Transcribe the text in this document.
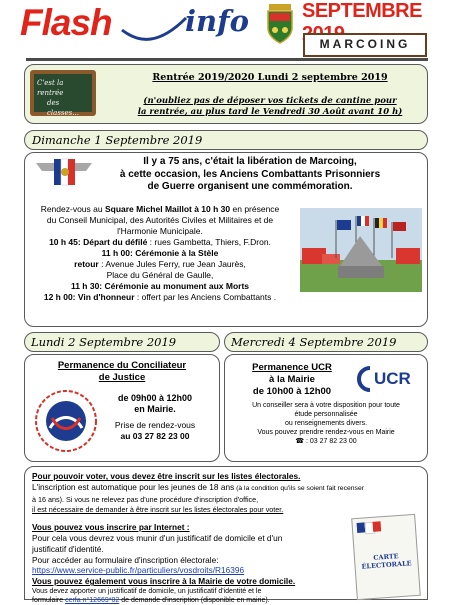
Flash	info	SEPTEMBRE
MARCOING
C'est la rentrée
des classes...
Rentrée 2019/2020 Lundi 2 septembre 2019
(n'oubliez pas de déposer vos tickets de cantine pour
la rentrée, au plus tard le Vendredi 30 Août avant 10 h)
Dimanche 1 Septembre 2019
Il y a 75 ans, c'était la libération de Marcoing,
à cette occasion, les Anciens Combattants Prisonniers
de Guerre organisent une commémoration.
Rendez-vous au Square Michel Maillot à 10 h 30 en présence
du Conseil Municipal, des Autorités Civiles et Militaires et de
l'Harmonie Municipale.
10 h 45: Départ du défilé : rues Gambetta, Thiers, F.Dron.
11 h 00: Cérémonie à la Stèle
retour : Avenue Jules Ferry, rue Jean Jaurès,
Place du Général de Gaulle,
11 h 30: Cérémonie au monument aux Morts
12 h 00: Vin d'honneur : offert par les Anciens Combattants .
Lundi 2 Septembre 2019	Mercredi 4 Septembre 2019
Permanence du Conciliateur
de Justice
de 09h00 à 12h00
en Mairie.
Prise de rendez-vous
au 03 27 82 23 00
Permanence UCR
à la Mairie
de 10h00 à 12h00
UCR
Un conseiller sera à votre disposition pour toute
étude personnalisée
ou renseignements divers.
Vous pouvez prendre rendez-vous en Mairie
☎ : 03 27 82 23 00
Pour pouvoir voter, vous devez être inscrit sur les listes électorales.
L'inscription est automatique pour les jeunes de 18 ans (à la condition qu'ils se soient fait recenser
à 16 ans). Si vous ne relevez pas d'une procédure d'inscription d'office,
il est nécessaire de demander à être inscrit sur les listes électorales pour voter.
Vous pouvez vous inscrire par Internet :
Pour cela vous devrez vous munir d'un justificatif de domicile et d'un
justificatif d'identité.
Pour accéder au formulaire d'inscription électorale:
https://www.service-public.fr/particuliers/vosdroits/R16396
Vous pouvez également vous inscrire à la Mairie de votre domicile.
Vous devez apporter un justificatif de domicile, un justificatif d'identité et le
formulaire cerfa n°12669*02 de demande d'inscription (disponible en mairie).
CARTE
ÉLECTORALE
